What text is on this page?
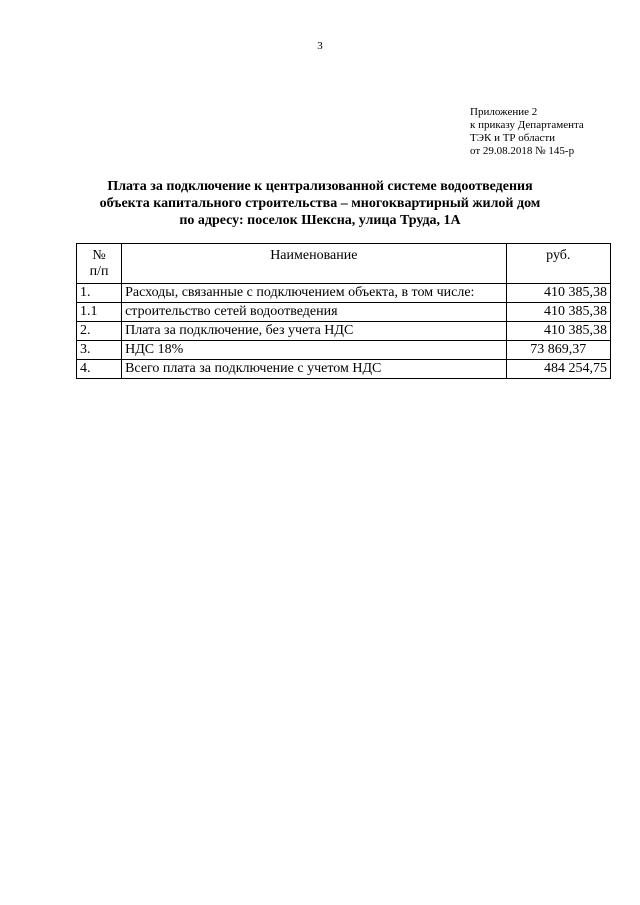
3
Приложение 2
к приказу Департамента
ТЭК и ТР области
от 29.08.2018 № 145-р
Плата за подключение к централизованной системе водоотведения
объекта капитального строительства – многоквартирный жилой дом
по адресу: поселок Шексна, улица Труда, 1А
№
п/п	Наименование	руб.
1.	Расходы, связанные с подключением объекта, в том числе:	410 385,38
1.1	строительство сетей водоотведения	410 385,38
2.	Плата за подключение, без учета НДС	410 385,38
3.	НДС 18%	73 869,37
4.	Всего плата за подключение с учетом НДС	484 254,75
